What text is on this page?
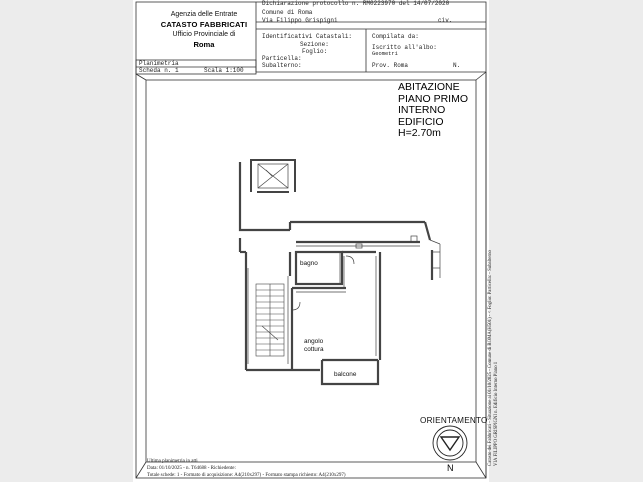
Agenzia delle Entrate
CATASTO FABBRICATI
Ufficio Provinciale di
Roma
Dichiarazione protocollo n. RM0223970 del 14/07/2020
Comune di Roma
Via Filippo Grispigni	civ.
Identificativi Catastali:
Sezione:
Foglio:
Particella:
Subalterno:
Compilata da:
Iscritto all'albo:
Geometri
Prov. Roma	N.
Planimetria
Scheda n. 1	Scala 1:100
ABITAZIONE
PIANO PRIMO
INTERNO
EDIFICIO
H=2.70m
bagno
angolo
cottura
balcone
ORIENTAMENTO
N
Ultima planimetria in atti
Data: 01/10/2025 - n. T64688 - Richiedente:
Totale schede: 1 - Formato di acquisizione: A4(210x297) - Formato stampa richiesto: A4(210x297)
Catasto dei Fabbricati - Situazione al 01/10/2025 - Comune di ROMA(H501) - < Foglio: Particella: - Subalterno VIA FILIPPO GRISPIGNI n. Edificio Interno Piano 1
